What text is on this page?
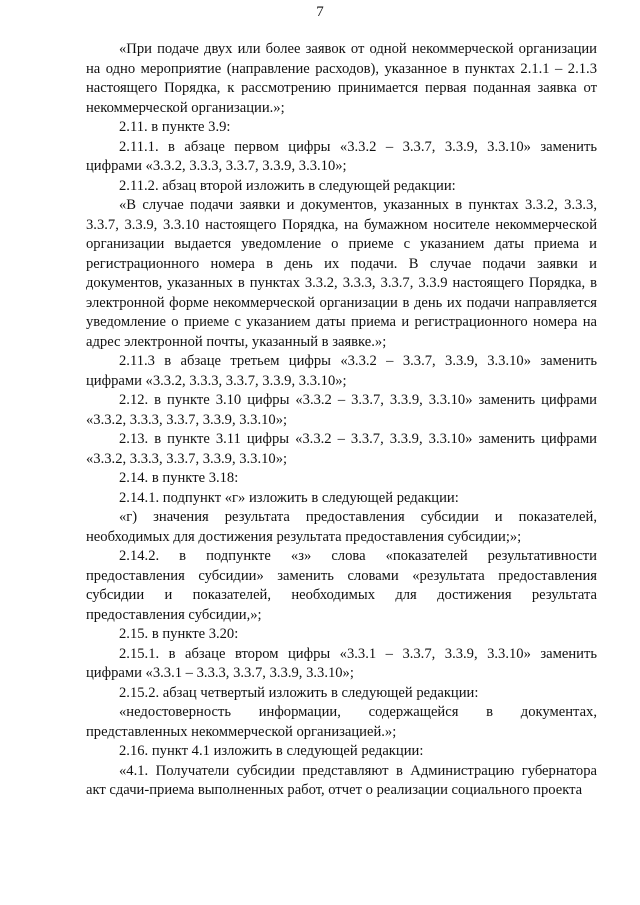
7

«При подаче двух или более заявок от одной некоммерческой организации на одно мероприятие (направление расходов), указанное в пунктах 2.1.1 – 2.1.3 настоящего Порядка, к рассмотрению принимается первая поданная заявка от некоммерческой организации.»;

2.11. в пункте 3.9:

2.11.1. в абзаце первом цифры «3.3.2 – 3.3.7, 3.3.9, 3.3.10» заменить цифрами «3.3.2, 3.3.3, 3.3.7, 3.3.9, 3.3.10»;

2.11.2. абзац второй изложить в следующей редакции:

«В случае подачи заявки и документов, указанных в пунктах 3.3.2, 3.3.3, 3.3.7, 3.3.9, 3.3.10 настоящего Порядка, на бумажном носителе некоммерческой организации выдается уведомление о приеме с указанием даты приема и регистрационного номера в день их подачи. В случае подачи заявки и документов, указанных в пунктах 3.3.2, 3.3.3, 3.3.7, 3.3.9 настоящего Порядка, в электронной форме некоммерческой организации в день их подачи направляется уведомление о приеме с указанием даты приема и регистрационного номера на адрес электронной почты, указанный в заявке.»;

2.11.3 в абзаце третьем цифры «3.3.2 – 3.3.7, 3.3.9, 3.3.10» заменить цифрами «3.3.2, 3.3.3, 3.3.7, 3.3.9, 3.3.10»;

2.12. в пункте 3.10 цифры «3.3.2 – 3.3.7, 3.3.9, 3.3.10» заменить цифрами «3.3.2, 3.3.3, 3.3.7, 3.3.9, 3.3.10»;

2.13. в пункте 3.11 цифры «3.3.2 – 3.3.7, 3.3.9, 3.3.10» заменить цифрами «3.3.2, 3.3.3, 3.3.7, 3.3.9, 3.3.10»;

2.14. в пункте 3.18:

2.14.1. подпункт «г» изложить в следующей редакции:

«г) значения результата предоставления субсидии и показателей, необходимых для достижения результата предоставления субсидии;»;

2.14.2. в подпункте «з» слова «показателей результативности предоставления субсидии» заменить словами «результата предоставления субсидии и показателей, необходимых для достижения результата предоставления субсидии,»;

2.15. в пункте 3.20:

2.15.1. в абзаце втором цифры «3.3.1 – 3.3.7, 3.3.9, 3.3.10» заменить цифрами «3.3.1 – 3.3.3, 3.3.7, 3.3.9, 3.3.10»;

2.15.2. абзац четвертый изложить в следующей редакции:

«недостоверность информации, содержащейся в документах, представленных некоммерческой организацией.»;

2.16. пункт 4.1 изложить в следующей редакции:

«4.1. Получатели субсидии представляют в Администрацию губернатора акт сдачи-приема выполненных работ, отчет о реализации социального проекта
